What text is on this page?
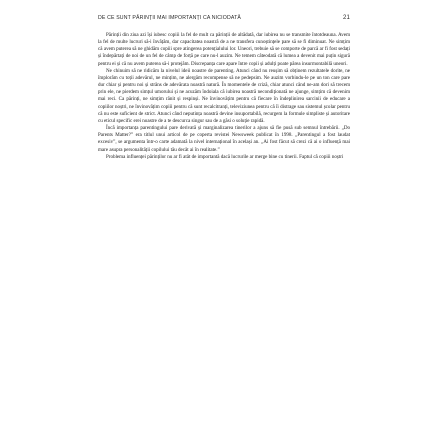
DE CE SUNT PĂRINȚII MAI IMPORTANȚI CA NICIODATĂ	21

Părinții din ziua azi își iubesc copiii la fel de mult ca părinții de altădată, dar iubirea nu se transmite întotdeauna. Avem la fel de multe lucruri să-i învățăm, dar capacitatea noastră de a ne transfera cunoștințele pare să se fi diminuat. Ne simțim că avem puterea să ne ghidăm copiii spre atingerea potențialului lor. Uneori, trebuie să se comporte de parcă ar fi fost sedați și îndepărtați de noi de un fel de câmp de forță pe care nu-l auzim. Ne temem câteodată că lumea a devenit mai puțin sigură pentru ei și că nu avem puterea să-i protejăm. Discrepanța care apare între copii și adulți poate părea insurmontabilă uneori.

Ne chinuim să ne ridicăm la nivelul ideii noastre de parenting. Atunci când nu reușim să obținem rezultatele dorite, ne împlorăm cu toții adevărul, ne mințim, ne alergăm recompense să ne pedepsim. Ne auzim vorbindu-le pe un ton care pare dur chiar și pentru noi și strâns de adevărata noastră natură. În momentele de criză, chiar atunci când ne-am dori să trecem prin ele, ne pierdem simțul umorului și ne acuzăm îndoiala că iubirea noastră necondiționată ne ajunge, simțim că devenim mai reci. Ca părinți, ne simțim rănit și respinși. Ne învinovățim pentru că fiecare în îndeplinirea sarcinii de educare a copiilor noștri, ne învinovățim copiii pentru că sunt recalcitranți, televiziunea pentru că îi distrage sau sistemul școlar pentru că nu este suficient de strict. Atunci când neputința noastră devine insuportabilă, recurgem la formule simpliste și autoritare cu eticul specific erei noastre de a te descurca singur sau de a găsi o soluție rapidă.

Încă importanța parentingului pare derivată și marginalizarea tinerilor a ajuns să fie pusă sub semnul întrebării. „Do Parents Matter?” era titlul unui articol de pe coperta revistei Newsweek publicat în 1998. „Parentingul a fost laudat excesiv”, se argumenta într-o carte adamată la nivel internațional în același an. „Ai fost făcut să crezi că ai o influență mai mare asupra personalității copilului tău decât ai în realitate.”

Problema influenței părinților nu ar fi atât de importantă dacă lucrurile ar merge bine cu tinerii. Faptul că copiii noștri
